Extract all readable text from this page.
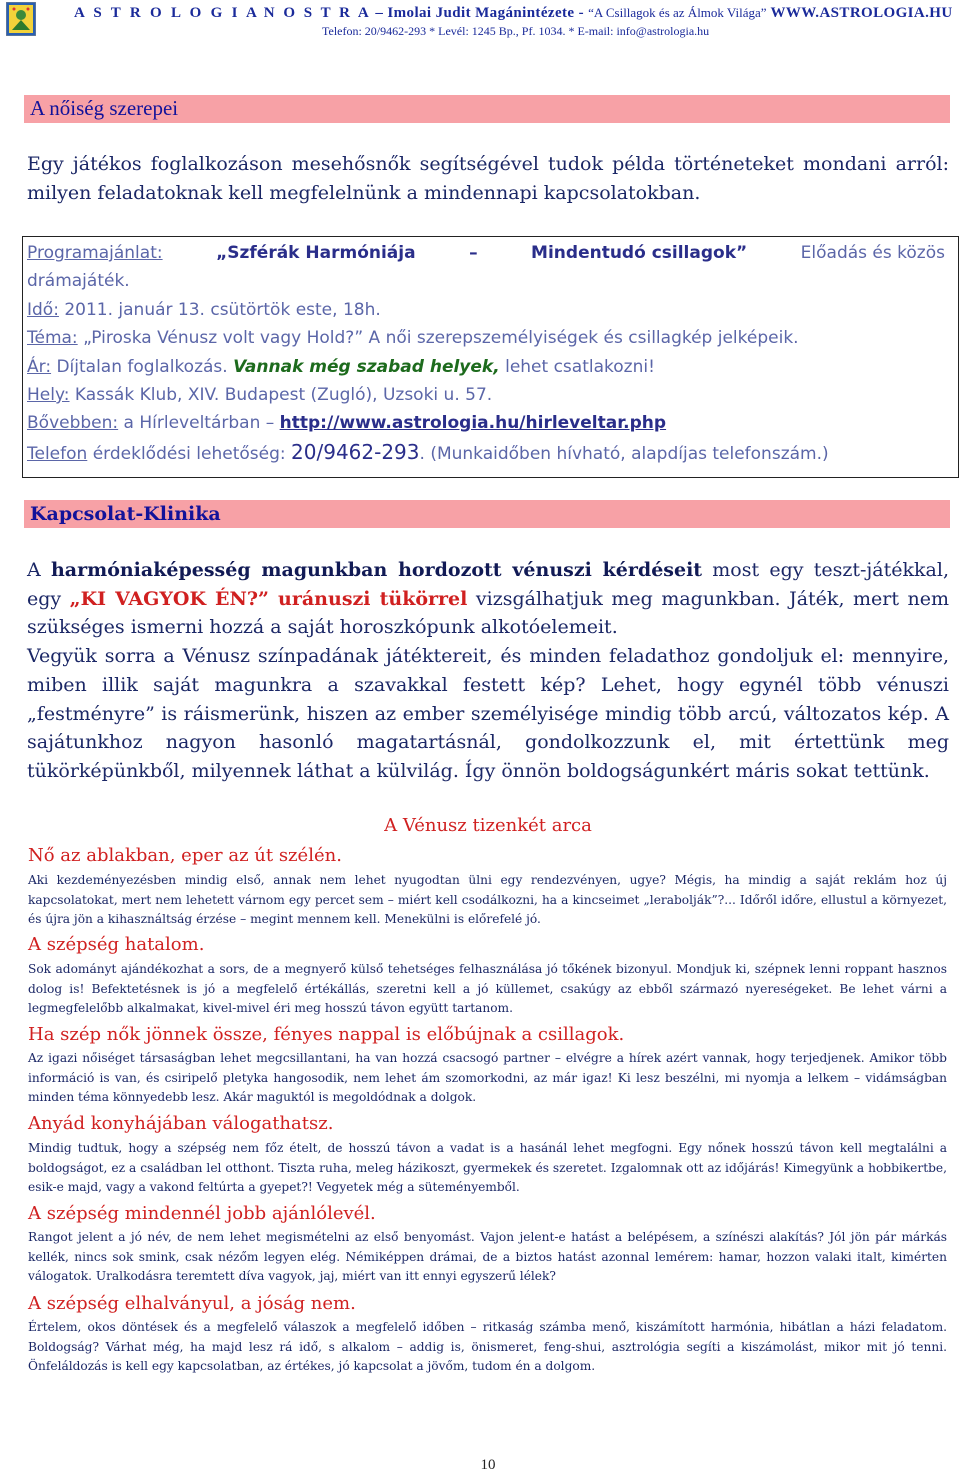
A S T R O L O G I A N O S T R A – Imolai Judit Magánintézete - “A Csillagok és az Álmok Világa” WWW.ASTROLOGIA.HU
Telefon: 20/9462-293 * Levél: 1245 Bp., Pf. 1034. * E-mail: info@astrologia.hu
A nőiség szerepei
Egy játékos foglalkozáson mesehősnők segítségével tudok példa történeteket mondani arról: milyen feladatoknak kell megfelelnünk a mindennapi kapcsolatokban.
Programajánlat:	„Szférák Harmóniája	–	Mindentudó csillagok”	Előadás és közös
drámajáték.
Idő: 2011. január 13. csütörtök este, 18h.
Téma: „Piroska Vénusz volt vagy Hold?” A női szerepszemélyiségek és csillagkép jelképeik.
Ár: Díjtalan foglalkozás. Vannak még szabad helyek, lehet csatlakozni!
Hely: Kassák Klub, XIV. Budapest (Zugló), Uzsoki u. 57.
Bővebben: a Hírleveltárban – http://www.astrologia.hu/hirleveltar.php
Telefon érdeklődési lehetőség: 20/9462-293. (Munkaidőben hívható, alapdíjas telefonszám.)
Kapcsolat-Klinika
A harmóniaképesség magunkban hordozott vénuszi kérdéseit most egy teszt-játékkal, egy „KI VAGYOK ÉN?” uránuszi tükörrel vizsgálhatjuk meg magunkban. Játék, mert nem szükséges ismerni hozzá a saját horoszkópunk alkotóelemeit.
Vegyük sorra a Vénusz színpadának játéktereit, és minden feladathoz gondoljuk el: mennyire, miben illik saját magunkra a szavakkal festett kép? Lehet, hogy egynél több vénuszi „festményre” is ráismerünk, hiszen az ember személyisége mindig több arcú, változatos kép. A sajátunkhoz nagyon hasonló magatartásnál, gondolkozzunk el, mit értettünk meg tükörképünkből, milyennek láthat a külvilág. Így önnön boldogságunkért máris sokat tettünk.
A Vénusz tizenkét arca
Nő az ablakban, eper az út szélén.
Aki kezdeményezésben mindig első, annak nem lehet nyugodtan ülni egy rendezvényen, ugye? Mégis, ha mindig a saját reklám hoz új kapcsolatokat, mert nem lehetett várnom egy percet sem – miért kell csodálkozni, ha a kincseimet „lerabolják”?... Időről időre, ellustul a környezet, és újra jön a kihasználtság érzése – megint mennem kell. Menekülni is előrefelé jó.
A szépség hatalom.
Sok adományt ajándékozhat a sors, de a megnyerő külső tehetséges felhasználása jó tőkének bizonyul. Mondjuk ki, szépnek lenni roppant hasznos dolog is! Befektetésnek is jó a megfelelő értékállás, szeretni kell a jó küllemet, csakúgy az ebből származó nyereségeket. Be lehet várni a legmegfelelőbb alkalmakat, kivel-mivel éri meg hosszú távon együtt tartanom.
Ha szép nők jönnek össze, fényes nappal is előbújnak a csillagok.
Az igazi nőiséget társaságban lehet megcsillantani, ha van hozzá csacsogó partner – elvégre a hírek azért vannak, hogy terjedjenek. Amikor több információ is van, és csiripelő pletyka hangosodik, nem lehet ám szomorkodni, az már igaz! Ki lesz beszélni, mi nyomja a lelkem – vidámságban minden téma könnyedebb lesz. Akár maguktól is megoldódnak a dolgok.
Anyád konyhájában válogathatsz.
Mindig tudtuk, hogy a szépség nem főz ételt, de hosszú távon a vadat is a hasánál lehet megfogni. Egy nőnek hosszú távon kell megtalálni a boldogságot, ez a családban lel otthont. Tiszta ruha, meleg házikoszt, gyermekek és szeretet. Izgalomnak ott az időjárás! Kimegyünk a hobbikertbe, esik-e majd, vagy a vakond feltúrta a gyepet?! Vegyetek még a süteményemből.
A szépség mindennél jobb ajánlólevél.
Rangot jelent a jó név, de nem lehet megismételni az első benyomást. Vajon jelent-e hatást a belépésem, a színészi alakítás? Jól jön pár márkás kellék, nincs sok smink, csak nézőm legyen elég. Némiképpen drámai, de a biztos hatást azonnal lemérem: hamar, hozzon valaki italt, kimérten válogatok. Uralkodásra teremtett díva vagyok, jaj, miért van itt ennyi egyszerű lélek?
A szépség elhalványul, a jóság nem.
Értelem, okos döntések és a megfelelő válaszok a megfelelő időben – ritkaság számba menő, kiszámított harmónia, hibátlan a házi feladatom. Boldogság? Várhat még, ha majd lesz rá idő, s alkalom – addig is, önismeret, feng-shui, asztrológia segíti a kiszámolást, mikor mit jó tenni. Önfeláldozás is kell egy kapcsolatban, az értékes, jó kapcsolat a jövőm, tudom én a dolgom.
10
